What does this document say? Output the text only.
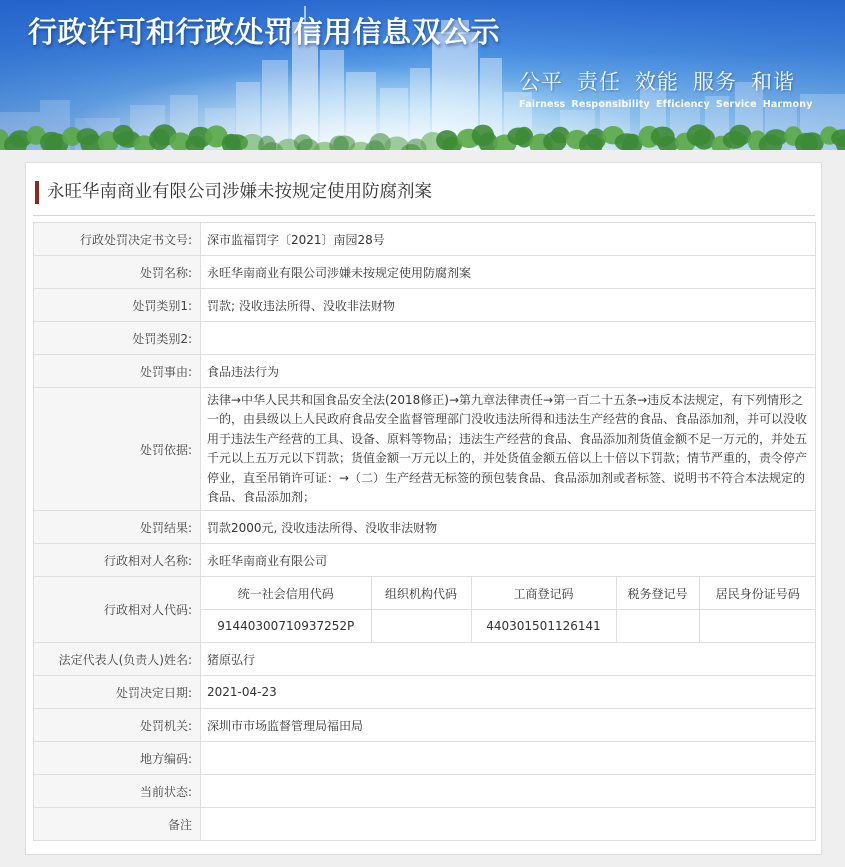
行政许可和行政处罚信用信息双公示
公平 责任 效能 服务 和谐
Fairness Responsibility Efficiency Service Harmony
永旺华南商业有限公司涉嫌未按规定使用防腐剂案
行政处罚决定书文号:	深市监福罚字〔2021〕南园28号
处罚名称:	永旺华南商业有限公司涉嫌未按规定使用防腐剂案
处罚类别1:	罚款; 没收违法所得、没收非法财物
处罚类别2:	
处罚事由:	食品违法行为
处罚依据:	法律→中华人民共和国食品安全法(2018修正)→第九章法律责任→第一百二十五条→违反本法规定，有下列情形之一的，由县级以上人民政府食品安全监督管理部门没收违法所得和违法生产经营的食品、食品添加剂，并可以没收用于违法生产经营的工具、设备、原料等物品；违法生产经营的食品、食品添加剂货值金额不足一万元的，并处五千元以上五万元以下罚款；货值金额一万元以上的，并处货值金额五倍以上十倍以下罚款；情节严重的，责令停产停业，直至吊销许可证：→（二）生产经营无标签的预包装食品、食品添加剂或者标签、说明书不符合本法规定的食品、食品添加剂；
处罚结果:	罚款2000元, 没收违法所得、没收非法财物
行政相对人名称:	永旺华南商业有限公司
行政相对人代码:	
统一社会信用代码	组织机构代码	工商登记码	税务登记号	居民身份证号码
91440300710937252P		440301501126141		

法定代表人(负责人)姓名:	猪原弘行
处罚决定日期:	2021-04-23
处罚机关:	深圳市市场监督管理局福田局
地方编码:	
当前状态:	
备注	
